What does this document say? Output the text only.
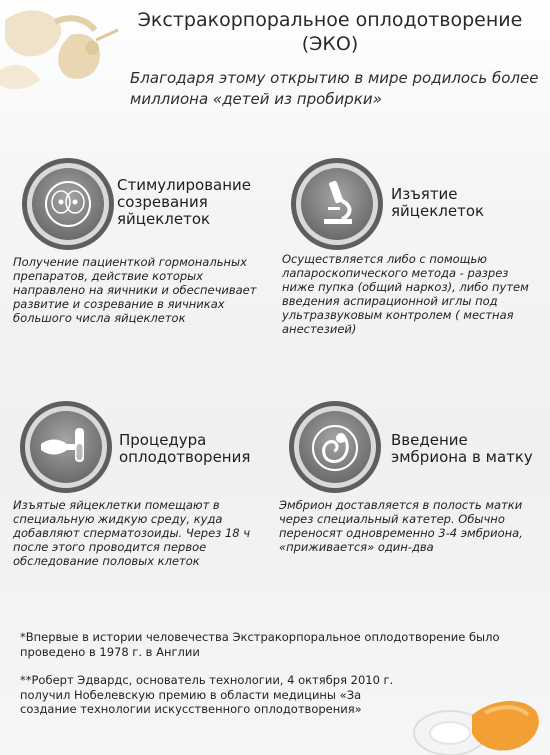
Экстракорпоральное оплодотворение (ЭКО)
Благодаря этому открытию в мире родилось более миллиона «детей из пробирки»
Стимулирование созревания яйцеклеток
Получение пациенткой гормональных препаратов, действие которых направлено на яичники и обеспечивает развитие и созревание в яичниках большого числа яйцеклеток
Изъятие яйцеклеток
Осуществляется либо с помощью лапароскопического метода - разрез ниже пупка (общий наркоз), либо путем введения аспирационной иглы под ультразвуковым контролем ( местная анестезией)
Процедура оплодотворения
Изъятые яйцеклетки помещают в специальную жидкую среду, куда добавляют сперматозоиды. Через 18 ч после этого проводится первое обследование половых клеток
Введение эмбриона в матку
Эмбрион доставляется в полость матки через специальный катетер. Обычно переносят одновременно 3-4 эмбриона, «приживается» один-два
*Впервые в истории человечества Экстракорпоральное оплодотворение было проведено в 1978 г. в Англии
**Роберт Эдвардс, основатель технологии, 4 октября 2010 г. получил Нобелевскую премию в области медицины «За создание технологии искусственного оплодотворения»
